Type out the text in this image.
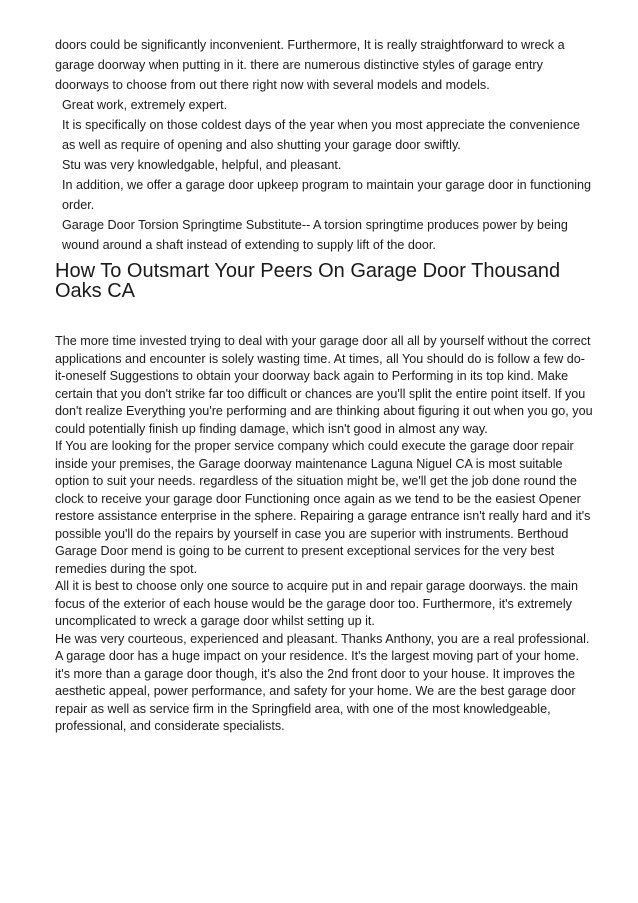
doors could be significantly inconvenient. Furthermore, It is really straightforward to wreck a garage doorway when putting in it. there are numerous distinctive styles of garage entry doorways to choose from out there right now with several models and models.

Great work, extremely expert.

It is specifically on those coldest days of the year when you most appreciate the convenience as well as require of opening and also shutting your garage door swiftly.

Stu was very knowledgable, helpful, and pleasant.

In addition, we offer a garage door upkeep program to maintain your garage door in functioning order.

Garage Door Torsion Springtime Substitute-- A torsion springtime produces power by being wound around a shaft instead of extending to supply lift of the door.

How To Outsmart Your Peers On Garage Door Thousand Oaks CA

The more time invested trying to deal with your garage door all all by yourself without the correct applications and encounter is solely wasting time. At times, all You should do is follow a few do-it-oneself Suggestions to obtain your doorway back again to Performing in its top kind. Make certain that you don't strike far too difficult or chances are you'll split the entire point itself. If you don't realize Everything you're performing and are thinking about figuring it out when you go, you could potentially finish up finding damage, which isn't good in almost any way.

If You are looking for the proper service company which could execute the garage door repair inside your premises, the Garage doorway maintenance Laguna Niguel CA is most suitable option to suit your needs. regardless of the situation might be, we'll get the job done round the clock to receive your garage door Functioning once again as we tend to be the easiest Opener restore assistance enterprise in the sphere. Repairing a garage entrance isn't really hard and it's possible you'll do the repairs by yourself in case you are superior with instruments. Berthoud Garage Door mend is going to be current to present exceptional services for the very best remedies during the spot.

All it is best to choose only one source to acquire put in and repair garage doorways. the main focus of the exterior of each house would be the garage door too. Furthermore, it's extremely uncomplicated to wreck a garage door whilst setting up it.

He was very courteous, experienced and pleasant. Thanks Anthony, you are a real professional.

A garage door has a huge impact on your residence. It's the largest moving part of your home. it's more than a garage door though, it's also the 2nd front door to your house. It improves the aesthetic appeal, power performance, and safety for your home. We are the best garage door repair as well as service firm in the Springfield area, with one of the most knowledgeable, professional, and considerate specialists.
